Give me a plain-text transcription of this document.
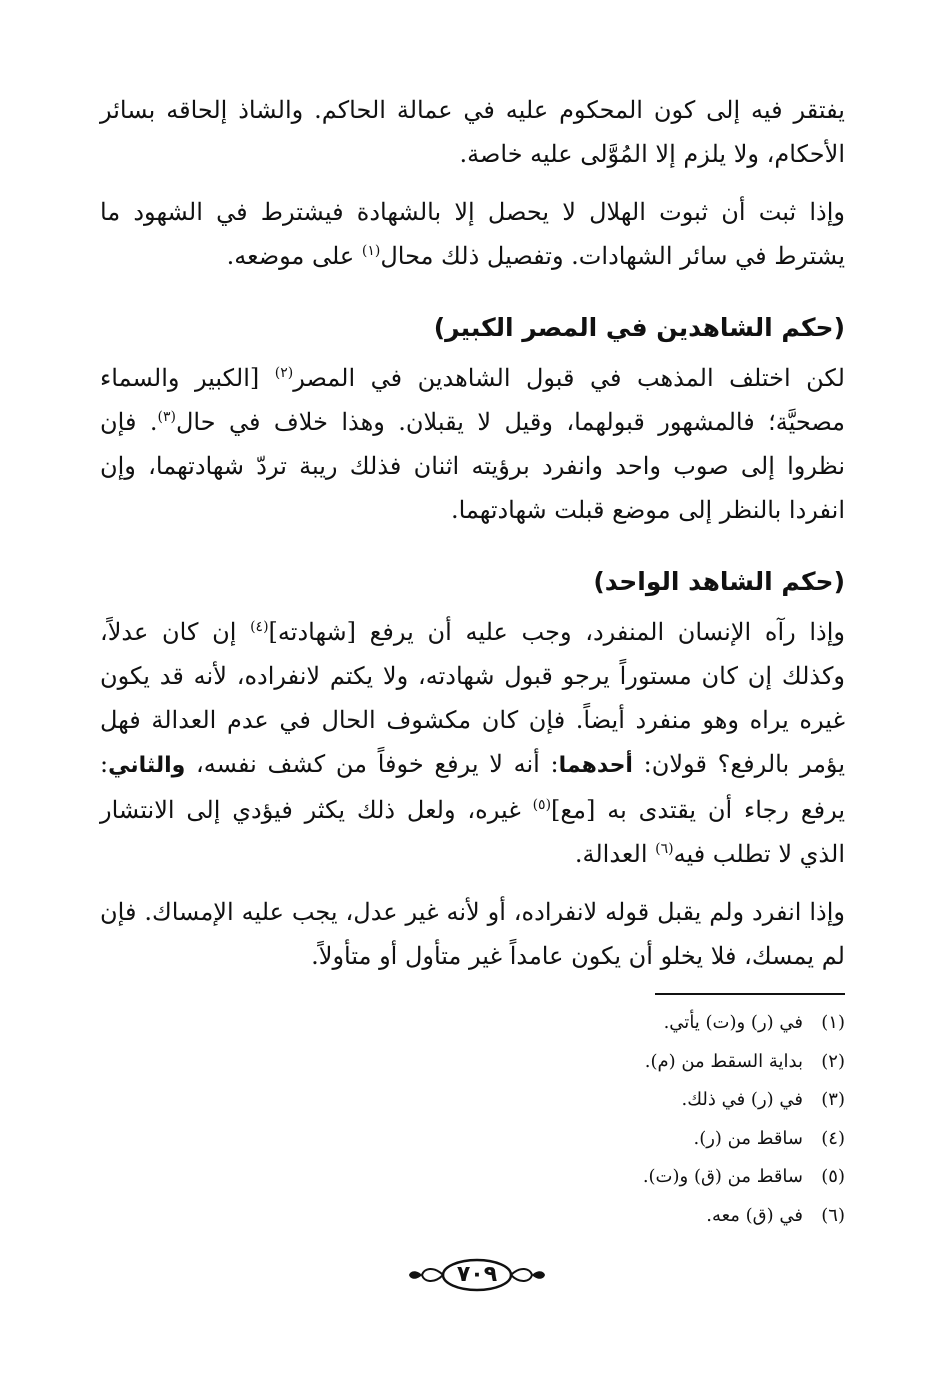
يفتقر فيه إلى كون المحكوم عليه في عمالة الحاكم. والشاذ إلحاقه بسائر الأحكام، ولا يلزم إلا المُوَّلى عليه خاصة.

وإذا ثبت أن ثبوت الهلال لا يحصل إلا بالشهادة فيشترط في الشهود ما يشترط في سائر الشهادات. وتفصيل ذلك محال$^{(١)}$ على موضعه.

(حكم الشاهدين في المصر الكبير)

لكن اختلف المذهب في قبول الشاهدين في المصر$^{(٢)}$ [الكبير والسماء مصحيَّة؛ فالمشهور قبولهما، وقيل لا يقبلان. وهذا خلاف في حال$^{(٣)}$. فإن نظروا إلى صوب واحد وانفرد برؤيته اثنان فذلك ريبة تردّ شهادتهما، وإن انفردا بالنظر إلى موضع قبلت شهادتهما.

(حكم الشاهد الواحد)

وإذا رآه الإنسان المنفرد، وجب عليه أن يرفع [شهادته]$^{(٤)}$ إن كان عدلاً، وكذلك إن كان مستوراً يرجو قبول شهادته، ولا يكتم لانفراده، لأنه قد يكون غيره يراه وهو منفرد أيضاً. فإن كان مكشوف الحال في عدم العدالة فهل يؤمر بالرفع؟ قولان: أحدهما: أنه لا يرفع خوفاً من كشف نفسه، والثاني: يرفع رجاء أن يقتدى به [مع]$^{(٥)}$ غيره، ولعل ذلك يكثر فيؤدي إلى الانتشار الذي لا تطلب فيه$^{(٦)}$ العدالة.

وإذا انفرد ولم يقبل قوله لانفراده، أو لأنه غير عدل، يجب عليه الإمساك. فإن لم يمسك، فلا يخلو أن يكون عامداً غير متأول أو متأولاً.

(١)في (ر) و(ت) يأتي.
(٢)بداية السقط من (م).
(٣)في (ر) في ذلك.
(٤)ساقط من (ر).
(٥)ساقط من (ق) و(ت).
(٦)في (ق) معه.
٧٠٩
